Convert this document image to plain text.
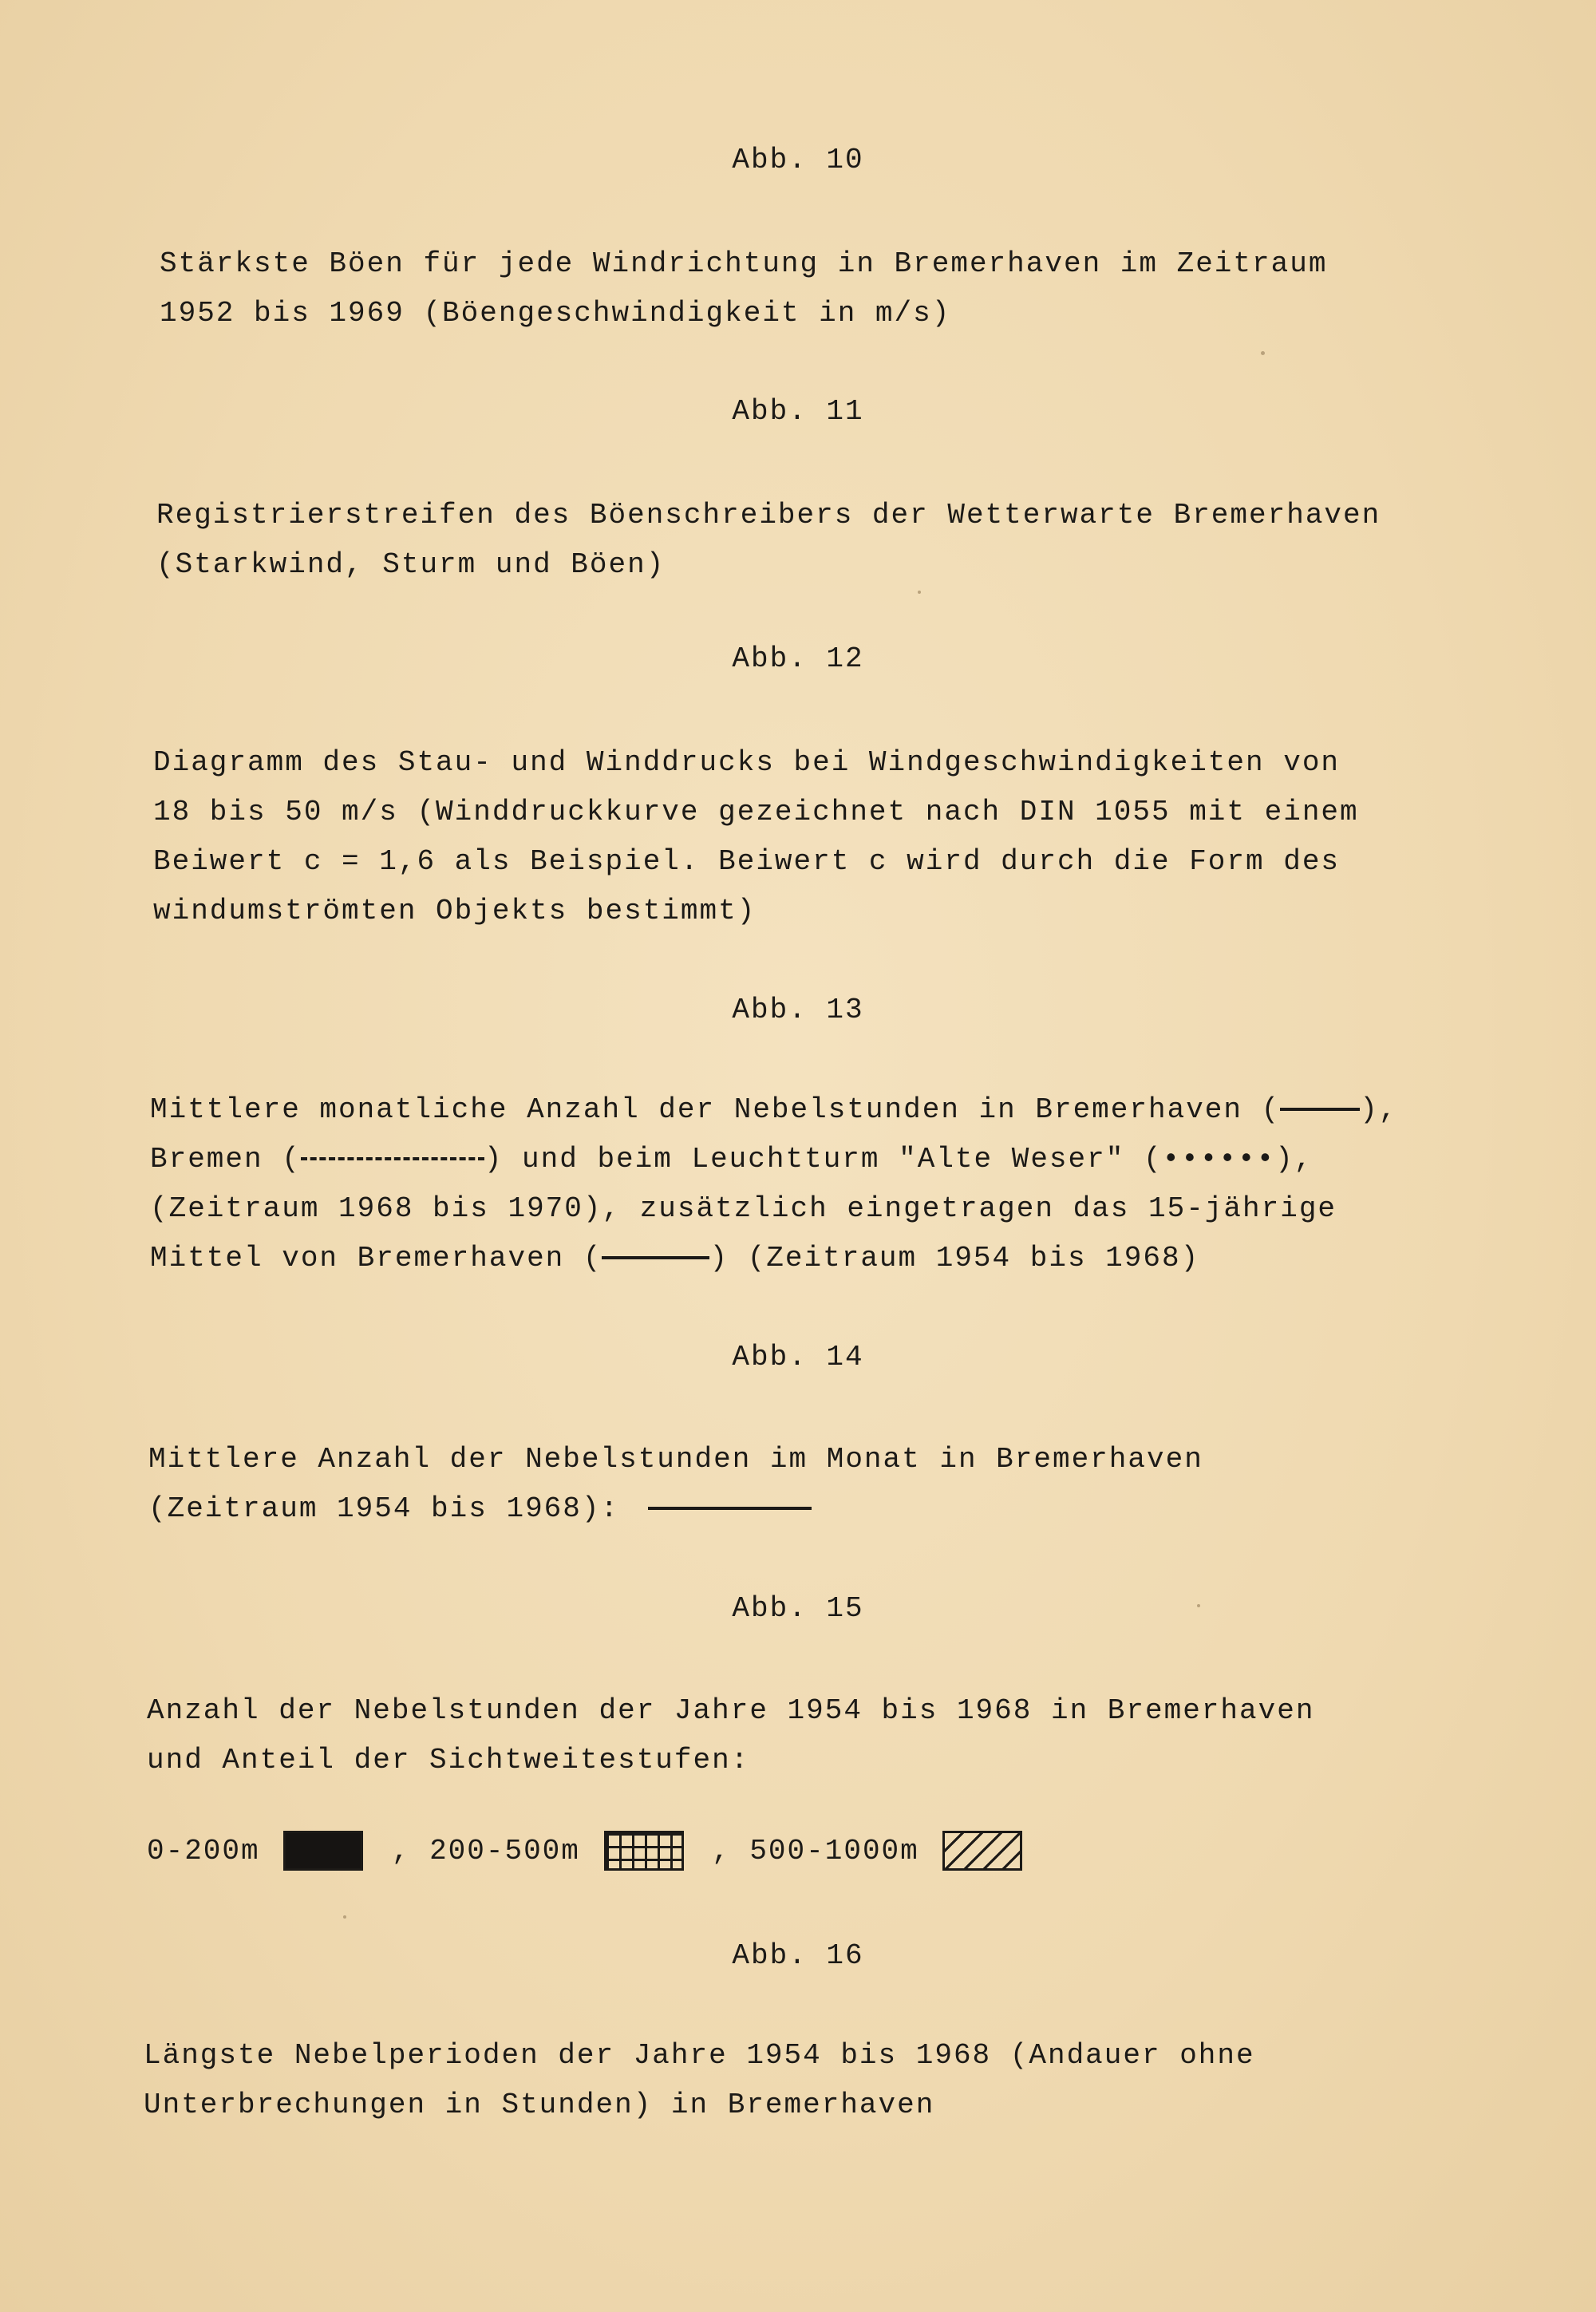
Abb. 10
Stärkste Böen für jede Windrichtung in Bremerhaven im Zeitraum
1952 bis 1969 (Böengeschwindigkeit in m/s)
Abb. 11
Registrierstreifen des Böenschreibers der Wetterwarte Bremerhaven
(Starkwind, Sturm und Böen)
Abb. 12
Diagramm des Stau- und Winddrucks bei Windgeschwindigkeiten von
18 bis 50 m/s (Winddruckkurve gezeichnet nach DIN 1055 mit einem
Beiwert c = 1,6 als Beispiel. Beiwert c wird durch die Form des
windumströmten Objekts bestimmt)
Abb. 13
Mittlere monatliche Anzahl der Nebelstunden in Bremerhaven (	),
Bremen (	) und beim Leuchtturm "Alte Weser" (••••••),
(Zeitraum 1968 bis 1970), zusätzlich eingetragen das 15-jährige
Mittel von Bremerhaven (	) (Zeitraum 1954 bis 1968)
Abb. 14
Mittlere Anzahl der Nebelstunden im Monat in Bremerhaven
(Zeitraum 1954 bis 1968):
Abb. 15
Anzahl der Nebelstunden der Jahre 1954 bis 1968 in Bremerhaven
und Anteil der Sichtweitestufen:
0-200m	, 200-500m	, 500-1000m
Abb. 16
Längste Nebelperioden der Jahre 1954 bis 1968 (Andauer ohne
Unterbrechungen in Stunden) in Bremerhaven
